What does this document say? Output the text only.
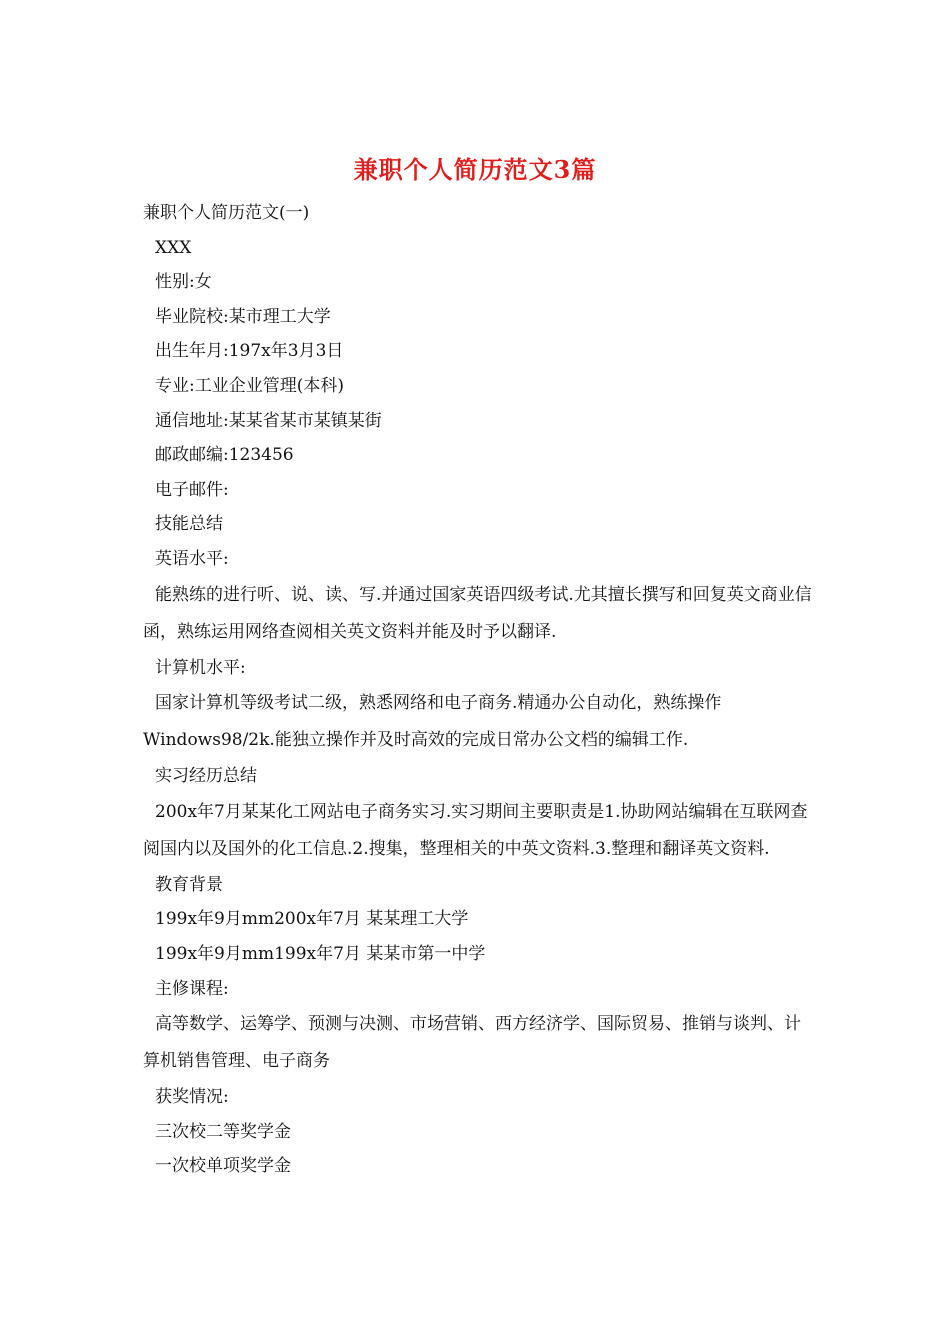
兼职个人简历范文3篇

兼职个人简历范文(一)

XXX

性别:女

毕业院校:某市理工大学

出生年月:197x年3月3日

专业:工业企业管理(本科)

通信地址:某某省某市某镇某街

邮政邮编:123456

电子邮件:

技能总结

英语水平:

能熟练的进行听、说、读、写.并通过国家英语四级考试.尤其擅长撰写和回复英文商业信函，熟练运用网络查阅相关英文资料并能及时予以翻译.

计算机水平:

国家计算机等级考试二级，熟悉网络和电子商务.精通办公自动化，熟练操作Windows98/2k.能独立操作并及时高效的完成日常办公文档的编辑工作.

实习经历总结

200x年7月某某化工网站电子商务实习.实习期间主要职责是1.协助网站编辑在互联网查阅国内以及国外的化工信息.2.搜集，整理相关的中英文资料.3.整理和翻译英文资料.

教育背景

199x年9月mm200x年7月 某某理工大学

199x年9月mm199x年7月 某某市第一中学

主修课程:

高等数学、运筹学、预测与决测、市场营销、西方经济学、国际贸易、推销与谈判、计算机销售管理、电子商务

获奖情况:

三次校二等奖学金

一次校单项奖学金
